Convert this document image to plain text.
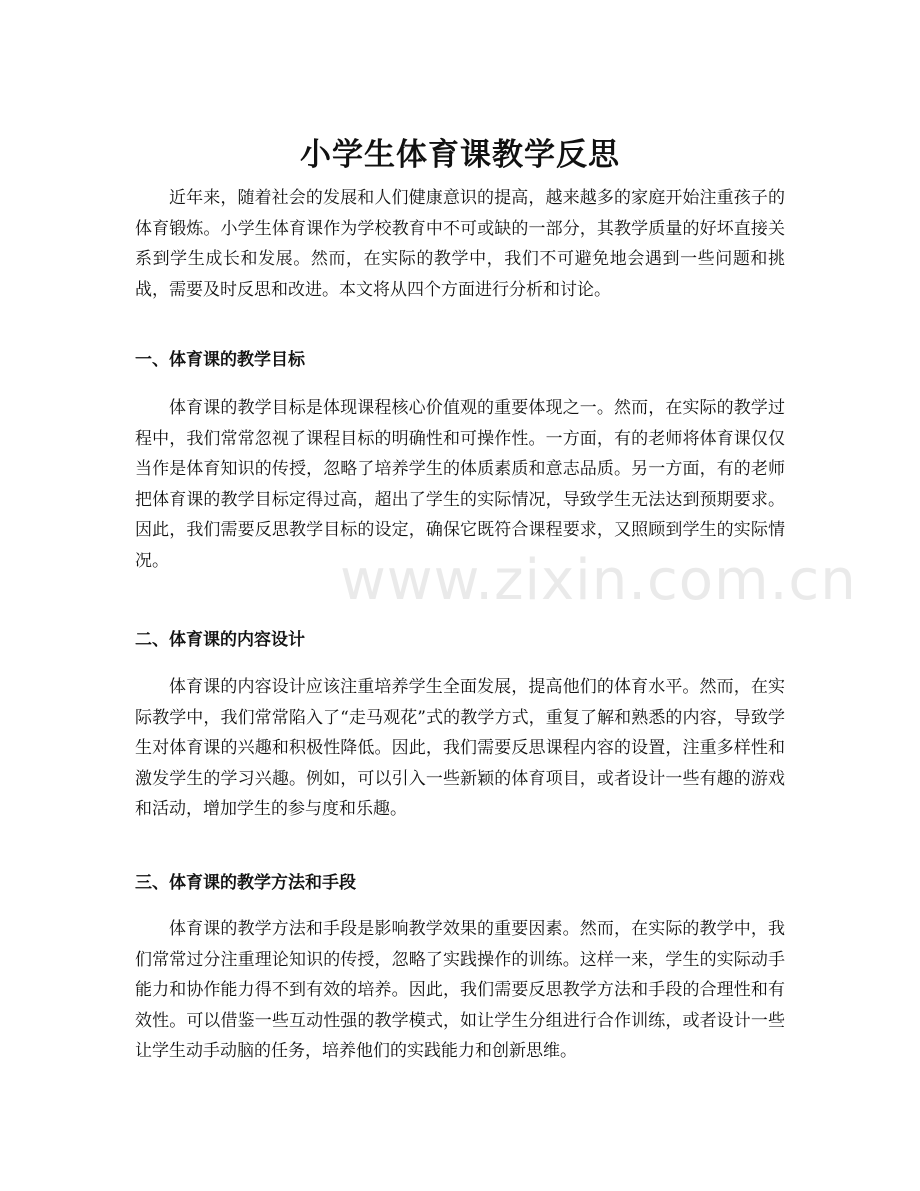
小学生体育课教学反思

近年来，随着社会的发展和人们健康意识的提高，越来越多的家庭开始注重孩子的体育锻炼。小学生体育课作为学校教育中不可或缺的一部分，其教学质量的好坏直接关系到学生成长和发展。然而，在实际的教学中，我们不可避免地会遇到一些问题和挑战，需要及时反思和改进。本文将从四个方面进行分析和讨论。

一、体育课的教学目标

体育课的教学目标是体现课程核心价值观的重要体现之一。然而，在实际的教学过程中，我们常常忽视了课程目标的明确性和可操作性。一方面，有的老师将体育课仅仅当作是体育知识的传授，忽略了培养学生的体质素质和意志品质。另一方面，有的老师把体育课的教学目标定得过高，超出了学生的实际情况，导致学生无法达到预期要求。因此，我们需要反思教学目标的设定，确保它既符合课程要求，又照顾到学生的实际情况。

二、体育课的内容设计

体育课的内容设计应该注重培养学生全面发展，提高他们的体育水平。然而，在实际教学中，我们常常陷入了“走马观花”式的教学方式，重复了解和熟悉的内容，导致学生对体育课的兴趣和积极性降低。因此，我们需要反思课程内容的设置，注重多样性和激发学生的学习兴趣。例如，可以引入一些新颖的体育项目，或者设计一些有趣的游戏和活动，增加学生的参与度和乐趣。

三、体育课的教学方法和手段

体育课的教学方法和手段是影响教学效果的重要因素。然而，在实际的教学中，我们常常过分注重理论知识的传授，忽略了实践操作的训练。这样一来，学生的实际动手能力和协作能力得不到有效的培养。因此，我们需要反思教学方法和手段的合理性和有效性。可以借鉴一些互动性强的教学模式，如让学生分组进行合作训练，或者设计一些让学生动手动脑的任务，培养他们的实践能力和创新思维。

www.zixin.com.cn
